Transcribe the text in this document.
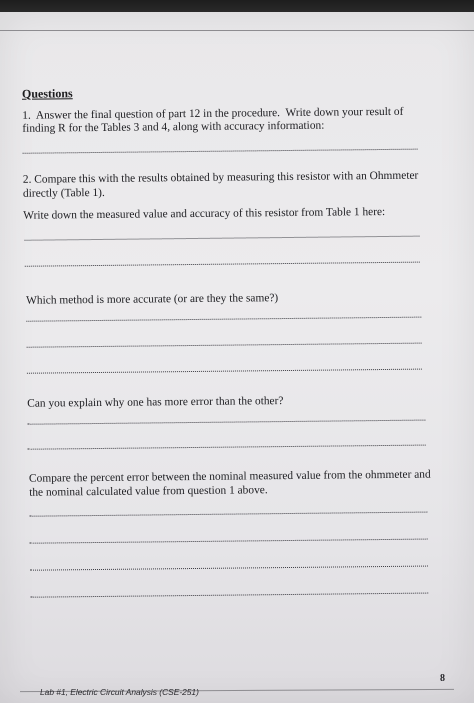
Questions
1.  Answer the final question of part 12 in the procedure.  Write down your result of
finding R for the Tables 3 and 4, along with accuracy information:
2. Compare this with the results obtained by measuring this resistor with an Ohmmeter
directly (Table 1).
Write down the measured value and accuracy of this resistor from Table 1 here:
Which method is more accurate (or are they the same?)
Can you explain why one has more error than the other?
Compare the percent error between the nominal measured value from the ohmmeter and
the nominal calculated value from question 1 above.
8
Lab #1, Electric Circuit Analysis (CSE-251)
